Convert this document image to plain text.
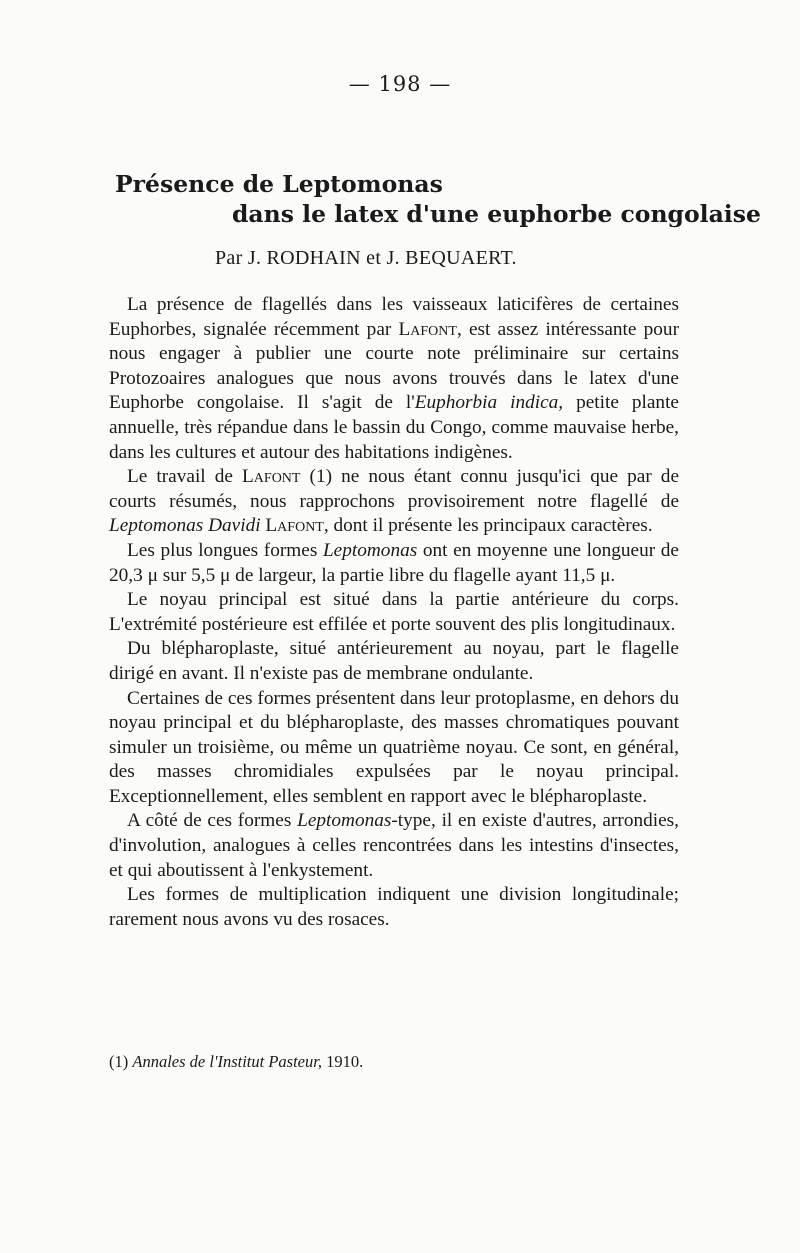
— 198 —
Présence de Leptomonas
dans le latex d'une euphorbe congolaise
Par J. RODHAIN et J. BEQUAERT.

La présence de flagellés dans les vaisseaux laticifères de certaines Euphorbes, signalée récemment par Lafont, est assez intéressante pour nous engager à publier une courte note préliminaire sur certains Protozoaires analogues que nous avons trouvés dans le latex d'une Euphorbe congolaise. Il s'agit de l'Euphorbia indica, petite plante annuelle, très répandue dans le bassin du Congo, comme mauvaise herbe, dans les cultures et autour des habitations indigènes.

Le travail de Lafont (1) ne nous étant connu jusqu'ici que par de courts résumés, nous rapprochons provisoirement notre flagellé de Leptomonas Davidi Lafont, dont il présente les principaux caractères.

Les plus longues formes Leptomonas ont en moyenne une longueur de 20,3 μ sur 5,5 μ de largeur, la partie libre du flagelle ayant 11,5 μ.

Le noyau principal est situé dans la partie antérieure du corps. L'extrémité postérieure est effilée et porte souvent des plis longitudinaux.

Du blépharoplaste, situé antérieurement au noyau, part le flagelle dirigé en avant. Il n'existe pas de membrane ondulante.

Certaines de ces formes présentent dans leur protoplasme, en dehors du noyau principal et du blépharoplaste, des masses chromatiques pouvant simuler un troisième, ou même un quatrième noyau. Ce sont, en général, des masses chromidiales expulsées par le noyau principal. Exceptionnellement, elles semblent en rapport avec le blépharoplaste.

A côté de ces formes Leptomonas-type, il en existe d'autres, arrondies, d'involution, analogues à celles rencontrées dans les intestins d'insectes, et qui aboutissent à l'enkystement.

Les formes de multiplication indiquent une division longitudinale; rarement nous avons vu des rosaces.

(1) Annales de l'Institut Pasteur, 1910.
